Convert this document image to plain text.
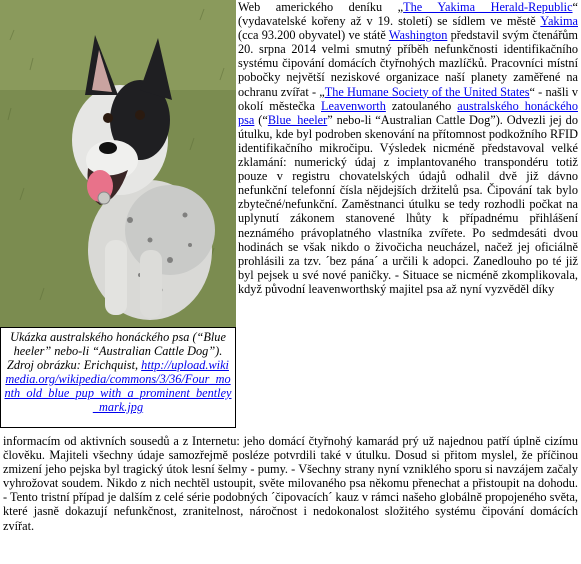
Ukázka australského honáckého psa (“Blue heeler” nebo-li “Australian Cattle Dog”). Zdroj obrázku: Erichquist, http://upload.wikimedia.org/wikipedia/commons/3/36/Four_month_old_blue_pup_with_a_prominent_bentley_mark.jpg
Web amerického deníku „The Yakima Herald-Republic“ (vydavatelské kořeny až v 19. století) se sídlem ve městě Yakima (cca 93.200 obyvatel) ve státě Washington představil svým čtenářům 20. srpna 2014 velmi smutný příběh nefunkčnosti identifikačního systému čipování domácích čtyřnohých mazlíčků. Pracovníci místní pobočky největší neziskové organizace naší planety zaměřené na ochranu zvířat - „The Humane Society of the United States“ - našli v okolí městečka Leavenworth zatoulaného australského honáckého psa (“Blue_heeler” nebo-li “Australian Cattle Dog”). Odvezli jej do útulku, kde byl podroben skenování na přítomnost podkožního RFID identifikačního mikročipu. Výsledek nicméně představoval velké zklamání: numerický údaj z implantovaného transpondéru totiž pouze v registru chovatelských údajů odhalil dvě již dávno nefunkční telefonní čísla nějdejších držitelů psa. Čipování tak bylo zbytečné/nefunkční. Zaměstnanci útulku se tedy rozhodli počkat na uplynutí zákonem stanovené lhůty k případnému přihlášení neznámého právoplatného vlastníka zvířete. Po sedmdesáti dvou hodinách se však nikdo o živočicha neucházel, načež jej oficiálně prohlásili za tzv. ´bez pána´ a určili k adopci. Zanedlouho po té již byl pejsek u své nové paničky. - Situace se nicméně zkomplikovala, když původní leavenworthský majitel psa až nyní vyzvěděl díky
informacím od aktivních sousedů a z Internetu: jeho domácí čtyřnohý kamarád prý už najednou patří úplně cizímu člověku. Majiteli všechny údaje samozřejmě posléze potvrdili také v útulku. Dosud si přitom myslel, že příčinou zmizení jeho pejska byl tragický útok lesní šelmy - pumy. - Všechny strany nyní vzniklého sporu si navzájem začaly vyhrožovat soudem. Nikdo z nich nechtěl ustoupit, světe milovaného psa někomu přenechat a přistoupit na dohodu. - Tento tristní případ je dalším z celé série podobných ´čipovacích´ kauz v rámci našeho globálně propojeného světa, které jasně dokazují nefunkčnost, zranitelnost, náročnost i nedokonalost složitého systému čipování domácích zvířat.
